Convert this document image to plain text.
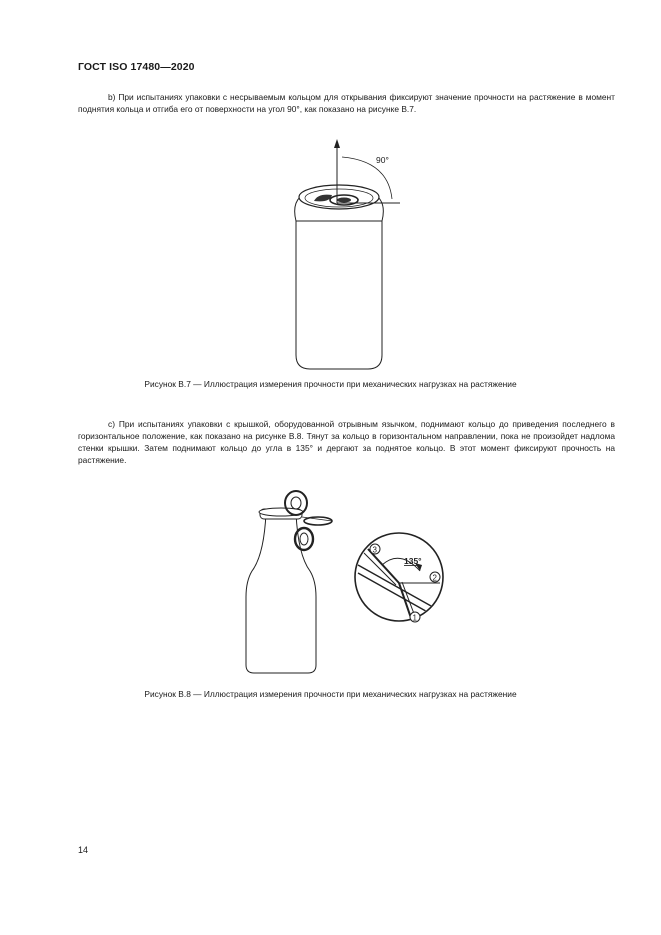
ГОСТ ISO 17480—2020

b) При испытаниях упаковки с несрываемым кольцом для открывания фиксируют значение прочности на растяжение в момент поднятия кольца и отгиба его от поверхности на угол 90°, как показано на рисунке В.7.

90°
Рисунок В.7 — Иллюстрация измерения прочности при механических нагрузках на растяжение

с) При испытаниях упаковки с крышкой, оборудованной отрывным язычком, поднимают кольцо до приведения последнего в горизонтальное положение, как показано на рисунке В.8. Тянут за кольцо в горизонтальном направлении, пока не произойдет надлома стенки крышки. Затем поднимают кольцо до угла в 135° и дергают за поднятое кольцо. В этот момент фиксируют прочность на растяжение.

135°
3
2
1
Рисунок В.8 — Иллюстрация измерения прочности при механических нагрузках на растяжение
14
